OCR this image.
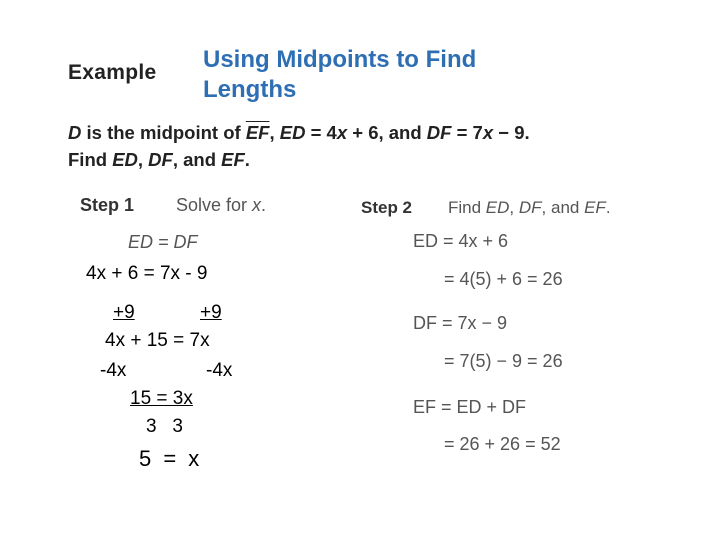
Example Using Midpoints to Find
Lengths
D is the midpoint of $\overline{EF}$, ED = 4x + 6, and DF = 7x − 9.
Find ED, DF, and EF.
Step 1 Solve for x.
ED = DF
4x + 6 = 7x - 9
+9	+9
4x + 15 = 7x
-4x	-4x
15 = 3x
3   3
5 = x
Step 2 Find ED, DF, and EF.
ED = 4x + 6
= 4(5) + 6 = 26
DF = 7x − 9
= 7(5) − 9 = 26
EF = ED + DF
= 26 + 26 = 52
